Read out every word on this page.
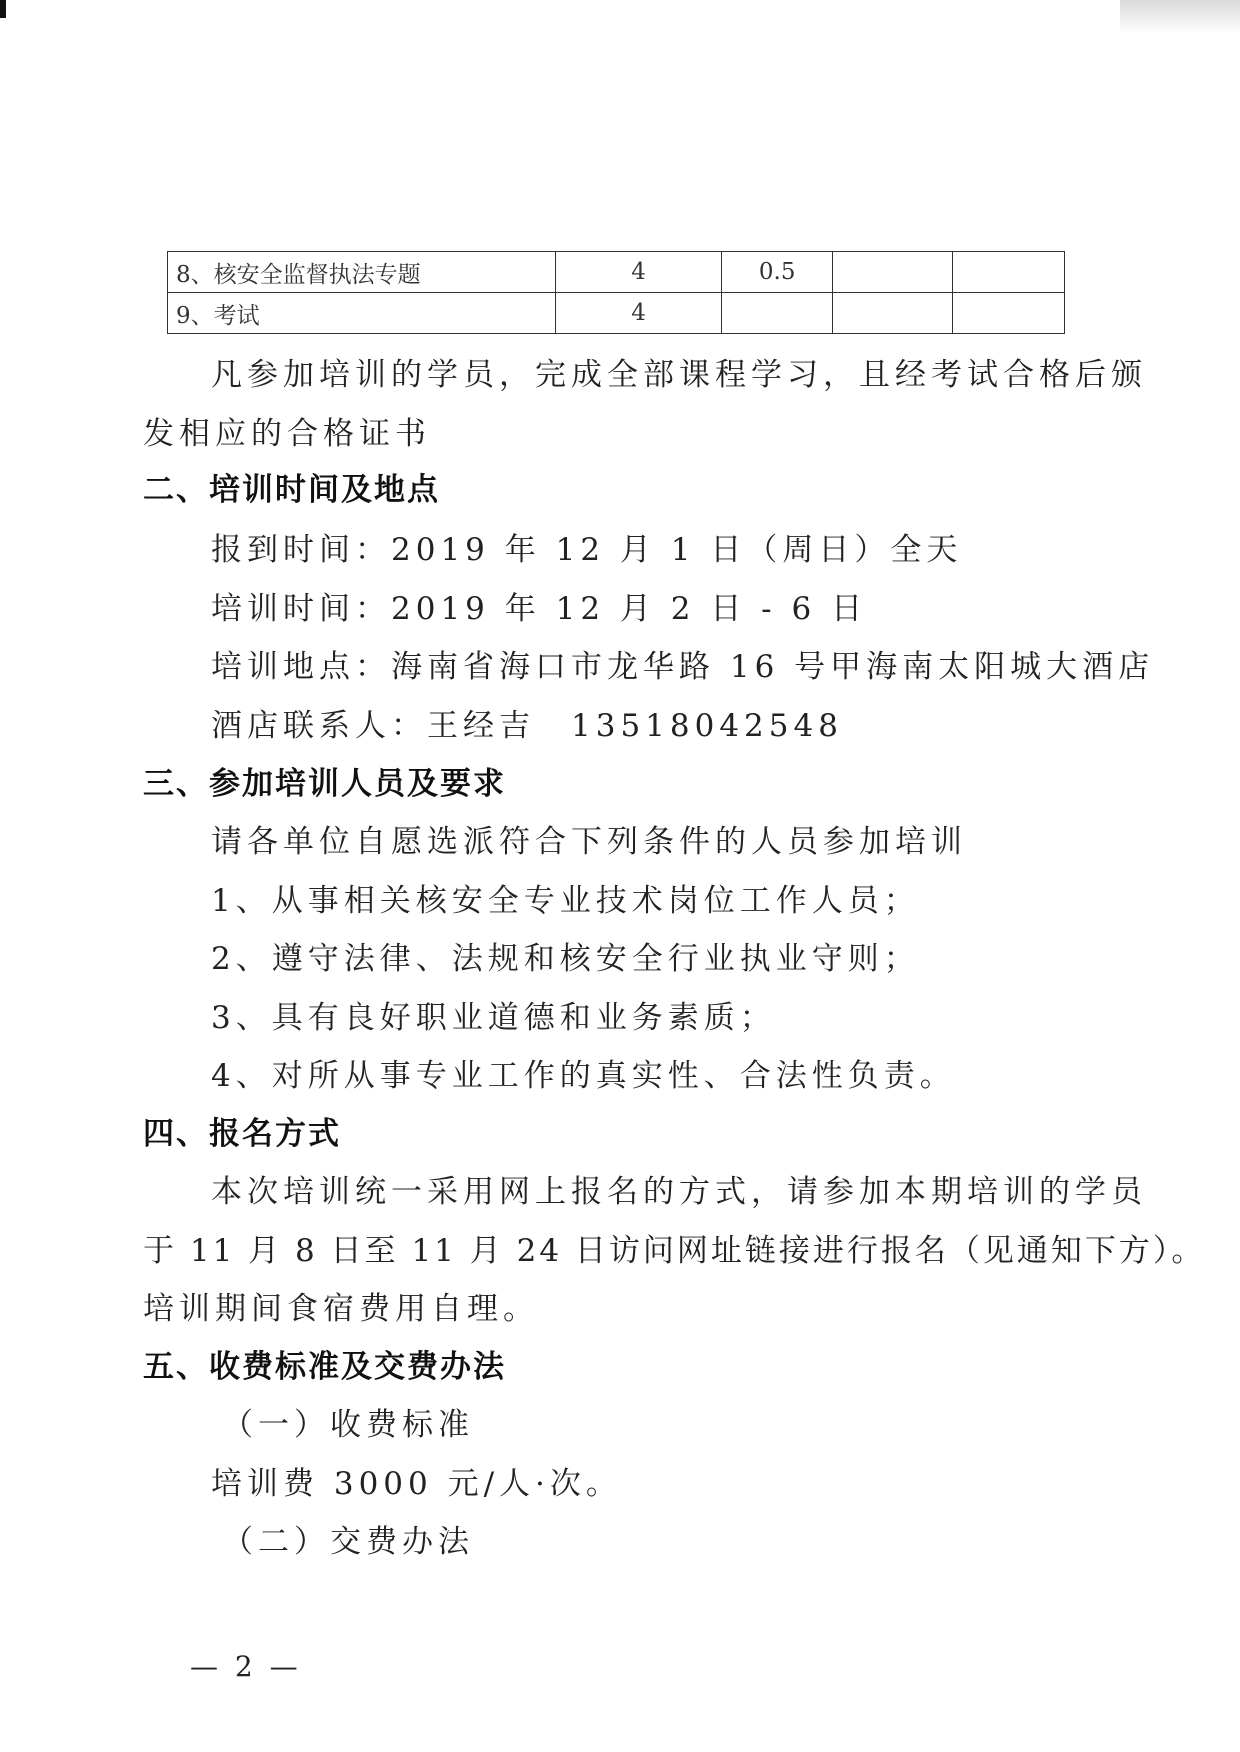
8、核安全监督执法专题	4	0.5		
9、考试	4			
凡参加培训的学员，完成全部课程学习，且经考试合格后颁
发相应的合格证书
二、培训时间及地点
报到时间：2019 年 12 月 1 日（周日）全天
培训时间：2019 年 12 月 2 日 - 6 日
培训地点：海南省海口市龙华路 16 号甲海南太阳城大酒店
酒店联系人：王经吉　13518042548
三、参加培训人员及要求
请各单位自愿选派符合下列条件的人员参加培训
1、从事相关核安全专业技术岗位工作人员；
2、遵守法律、法规和核安全行业执业守则；
3、具有良好职业道德和业务素质；
4、对所从事专业工作的真实性、合法性负责。
四、报名方式
本次培训统一采用网上报名的方式，请参加本期培训的学员
于 11 月 8 日至 11 月 24 日访问网址链接进行报名（见通知下方）。
培训期间食宿费用自理。
五、收费标准及交费办法
（一）收费标准
培训费 3000 元/人·次。
（二）交费办法
— 2 —
